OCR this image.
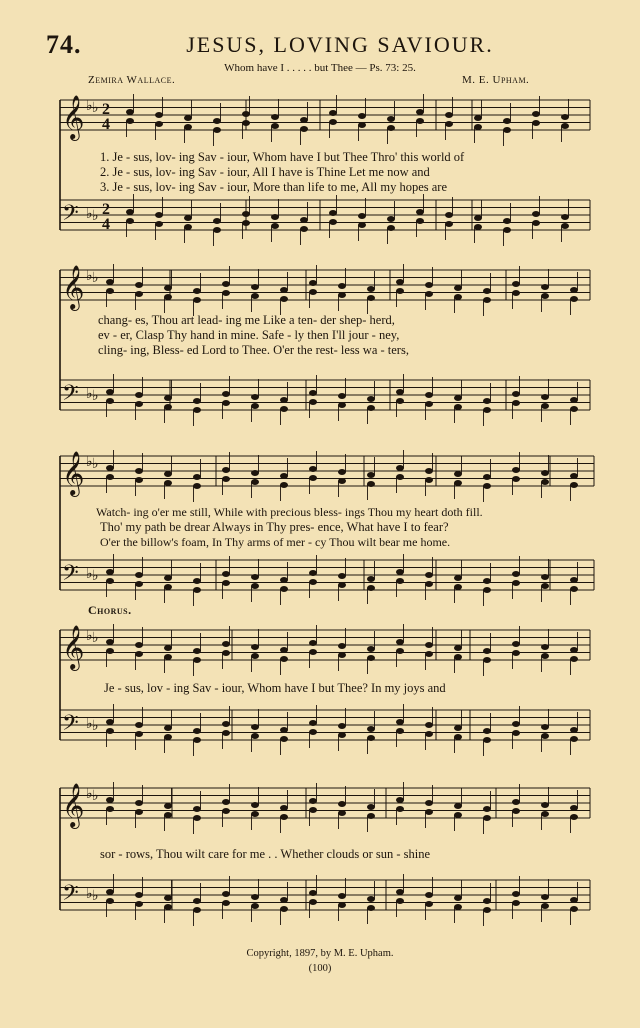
74.	JESUS, LOVING SAVIOUR.
Whom have I . . . . . but Thee — Ps. 73: 25.
Zemira Wallace.	M. E. Upham.
𝄞 ♭ ♭
𝄢 ♭ ♭
2
4
2
4
𝄞 ♭ ♭
𝄢 ♭ ♭
𝄞 ♭ ♭
𝄢 ♭ ♭
𝄞 ♭ ♭
𝄢 ♭ ♭
𝄞 ♭ ♭
𝄢 ♭ ♭
1. Je - sus, lov- ing Sav - iour, Whom have I but Thee Thro' this world of
2. Je - sus, lov- ing Sav - iour, All I have is Thine Let me now and
3. Je - sus, lov- ing Sav - iour, More than life to me, All my hopes are
chang- es, Thou art lead- ing me Like a ten- der shep- herd,
ev - er, Clasp Thy hand in mine. Safe - ly then I'll jour - ney,
cling- ing, Bless- ed Lord to Thee. O'er the rest- less wa - ters,
Watch- ing o'er me still, While with precious bless- ings Thou my heart doth fill.
Tho' my path be drear Always in Thy pres- ence, What have I to fear?
O'er the billow's foam, In Thy arms of mer - cy Thou wilt bear me home.
Chorus.
Je - sus, lov - ing Sav - iour, Whom have I but Thee? In my joys and
sor - rows, Thou wilt care for me . . Whether clouds or sun - shine
Copyright, 1897, by M. E. Upham.
(100)
